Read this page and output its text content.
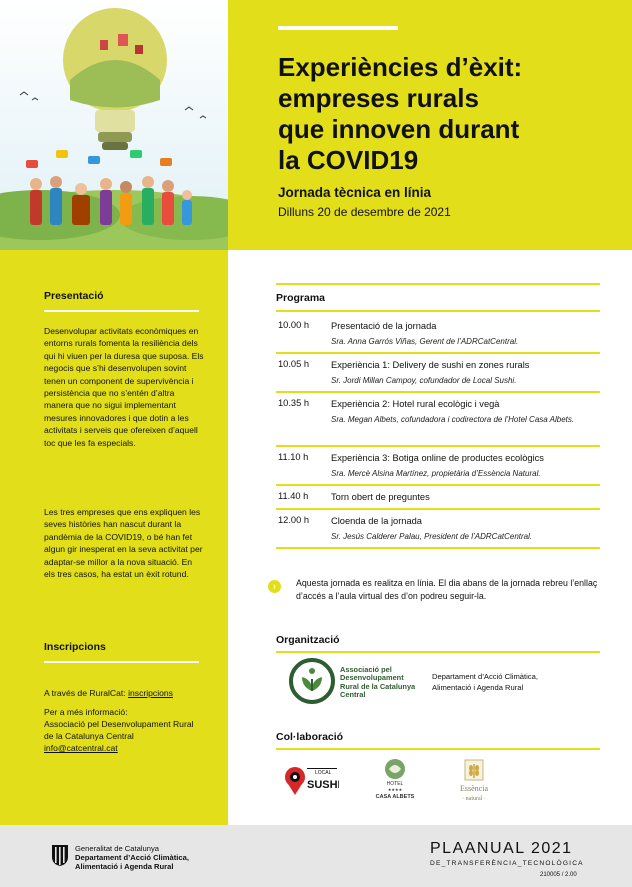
Experiències d’èxit:
empreses rurals
que innoven durant
la COVID19
Jornada tècnica en línia
Dilluns 20 de desembre de 2021
Presentació
Desenvolupar activitats econòmiques en entorns rurals fomenta la resiliència dels qui hi viuen per la duresa que suposa. Els negocis que s’hi desenvolupen sovint tenen un component de supervivència i persistència que no s’entén d’altra manera que no sigui implementant mesures innovadores i que dotin a les activitats i serveis que ofereixen d’aquell toc que les fa especials.
Les tres empreses que ens expliquen les seves històries han nascut durant la pandèmia de la COVID19, o bé han fet algun gir inesperat en la seva activitat per adaptar-se millor a la nova situació. En els tres casos, ha estat un èxit rotund.
Inscripcions
A través de RuralCat: inscripcions
Per a més informació:
Associació pel Desenvolupament Rural de la Catalunya Central
info@catcentral.cat
Programa
10.00 h Presentació de la jornada
Sra. Anna Garrós Viñas, Gerent de l’ADRCatCentral.
10.05 h Experiència 1: Delivery de sushi en zones rurals
Sr. Jordi Millan Campoy, cofundador de Local Sushi.
10.35 h Experiència 2: Hotel rural ecològic i vegà
Sra. Megan Albets, cofundadora i codirectora de l’Hotel Casa Albets.
11.10 h Experiència 3: Botiga online de productes ecològics
Sra. Mercè Alsina Martínez, propietària d’Essència Natural.
11.40 h Torn obert de preguntes
12.00 h Cloenda de la jornada
Sr. Jesús Calderer Palau, President de l’ADRCatCentral.
›	Aquesta jornada es realitza en línia. El dia abans de la jornada rebreu l’enllaç d’accés a l’aula virtual des d’on podreu seguir-la.
Organització
Associació pel Desenvolupament Rural de la Catalunya Central
Departament d’Acció Climàtica, Alimentació i Agenda Rural
Col·laboració
LOCAL
SUSHI	HOTEL
★★★★
CASA ALBETS
Essència
· natural ·
Generalitat de Catalunya
Departament d’Acció Climàtica,
Alimentació i Agenda Rural
PLAANUAL 2021
DE_TRANSFERÈNCIA_TECNOLÒGICA
210005 / 2.00
